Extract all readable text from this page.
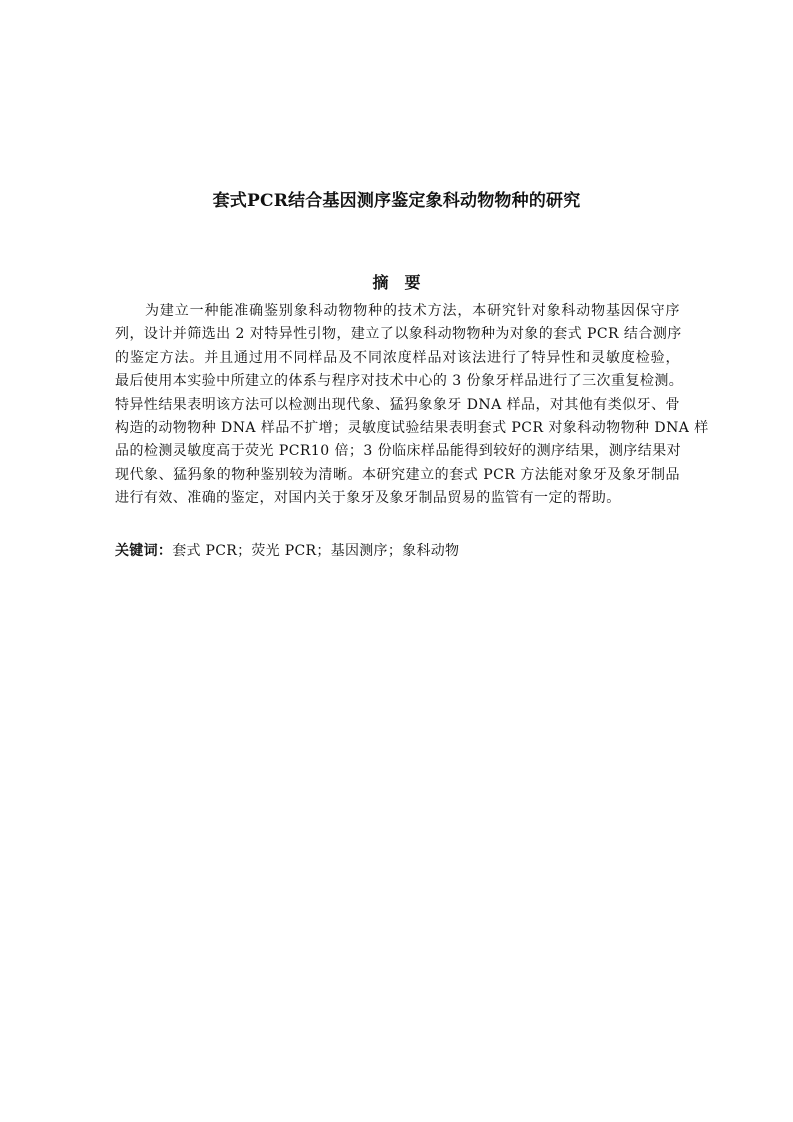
套式PCR结合基因测序鉴定象科动物物种的研究
摘 要
为建立一种能准确鉴别象科动物物种的技术方法，本研究针对象科动物基因保守序
列，设计并筛选出 2 对特异性引物，建立了以象科动物物种为对象的套式 PCR 结合测序
的鉴定方法。并且通过用不同样品及不同浓度样品对该法进行了特异性和灵敏度检验，
最后使用本实验中所建立的体系与程序对技术中心的 3 份象牙样品进行了三次重复检测。
特异性结果表明该方法可以检测出现代象、猛犸象象牙 DNA 样品，对其他有类似牙、骨
构造的动物物种 DNA 样品不扩增；灵敏度试验结果表明套式 PCR 对象科动物物种 DNA 样
品的检测灵敏度高于荧光 PCR10 倍；3 份临床样品能得到较好的测序结果，测序结果对
现代象、猛犸象的物种鉴别较为清晰。本研究建立的套式 PCR 方法能对象牙及象牙制品
进行有效、准确的鉴定，对国内关于象牙及象牙制品贸易的监管有一定的帮助。
关键词：套式 PCR；荧光 PCR；基因测序；象科动物
